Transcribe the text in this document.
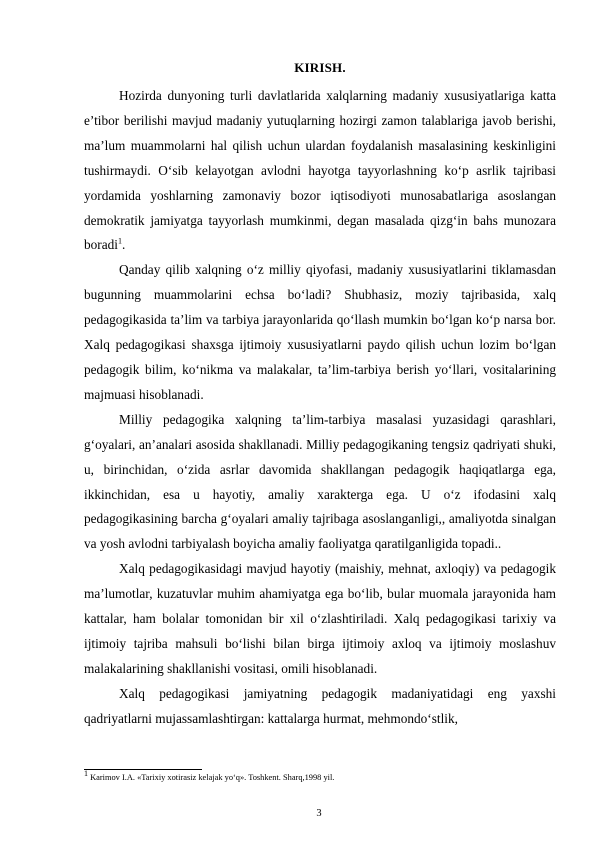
KIRISH.

Hozirda dunyoning turli davlatlarida xalqlarning madaniy xususiyatlariga katta e’tibor berilishi mavjud madaniy yutuqlarning hozirgi zamon talablariga javob berishi, ma’lum muammolarni hal qilish uchun ulardan foydalanish masalasining keskinligini tushirmaydi. O‘sib kelayotgan avlodni hayotga tayyorlashning ko‘p asrlik tajribasi yordamida yoshlarning zamonaviy bozor iqtisodiyoti munosabatlariga asoslangan demokratik jamiyatga tayyorlash mumkinmi, degan masalada qizg‘in bahs munozara boradi$^1$.

Qanday qilib xalqning o‘z milliy qiyofasi, madaniy xususiyatlarini tiklamasdan bugunning muammolarini echsa bo‘ladi? Shubhasiz, moziy tajribasida, xalq pedagogikasida ta’lim va tarbiya jarayonlarida qo‘llash mumkin bo‘lgan ko‘p narsa bor. Xalq pedagogikasi shaxsga ijtimoiy xususiyatlarni paydo qilish uchun lozim bo‘lgan pedagogik bilim, ko‘nikma va malakalar, ta’lim-tarbiya berish yo‘llari, vositalarining majmuasi hisoblanadi.

Milliy pedagogika xalqning ta’lim-tarbiya masalasi yuzasidagi qarashlari, g‘oyalari, an’analari asosida shakllanadi. Milliy pedagogikaning tengsiz qadriyati shuki, u, birinchidan, o‘zida asrlar davomida shakllangan pedagogik haqiqatlarga ega, ikkinchidan, esa u hayotiy, amaliy xarakterga ega. U o‘z ifodasini xalq pedagogikasining barcha g‘oyalari amaliy tajribaga asoslanganligi,, amaliyotda sinalgan va yosh avlodni tarbiyalash boyicha amaliy faoliyatga qaratilganligida topadi..

Xalq pedagogikasidagi mavjud hayotiy (maishiy, mehnat, axloqiy) va pedagogik ma’lumotlar, kuzatuvlar muhim ahamiyatga ega bo‘lib, bular muomala jarayonida ham kattalar, ham bolalar tomonidan bir xil o‘zlashtiriladi. Xalq pedagogikasi tarixiy va ijtimoiy tajriba mahsuli bo‘lishi bilan birga ijtimoiy axloq va ijtimoiy moslashuv malakalarining shakllanishi vositasi, omili hisoblanadi.

Xalq pedagogikasi jamiyatning pedagogik madaniyatidagi eng yaxshi qadriyatlarni mujassamlashtirgan: kattalarga hurmat, mehmondo‘stlik,

$^1$ Karimov I.A. «Tarixiy xotirasiz kelajak yo‘q». Toshkent. Sharq,1998 yil.
3
